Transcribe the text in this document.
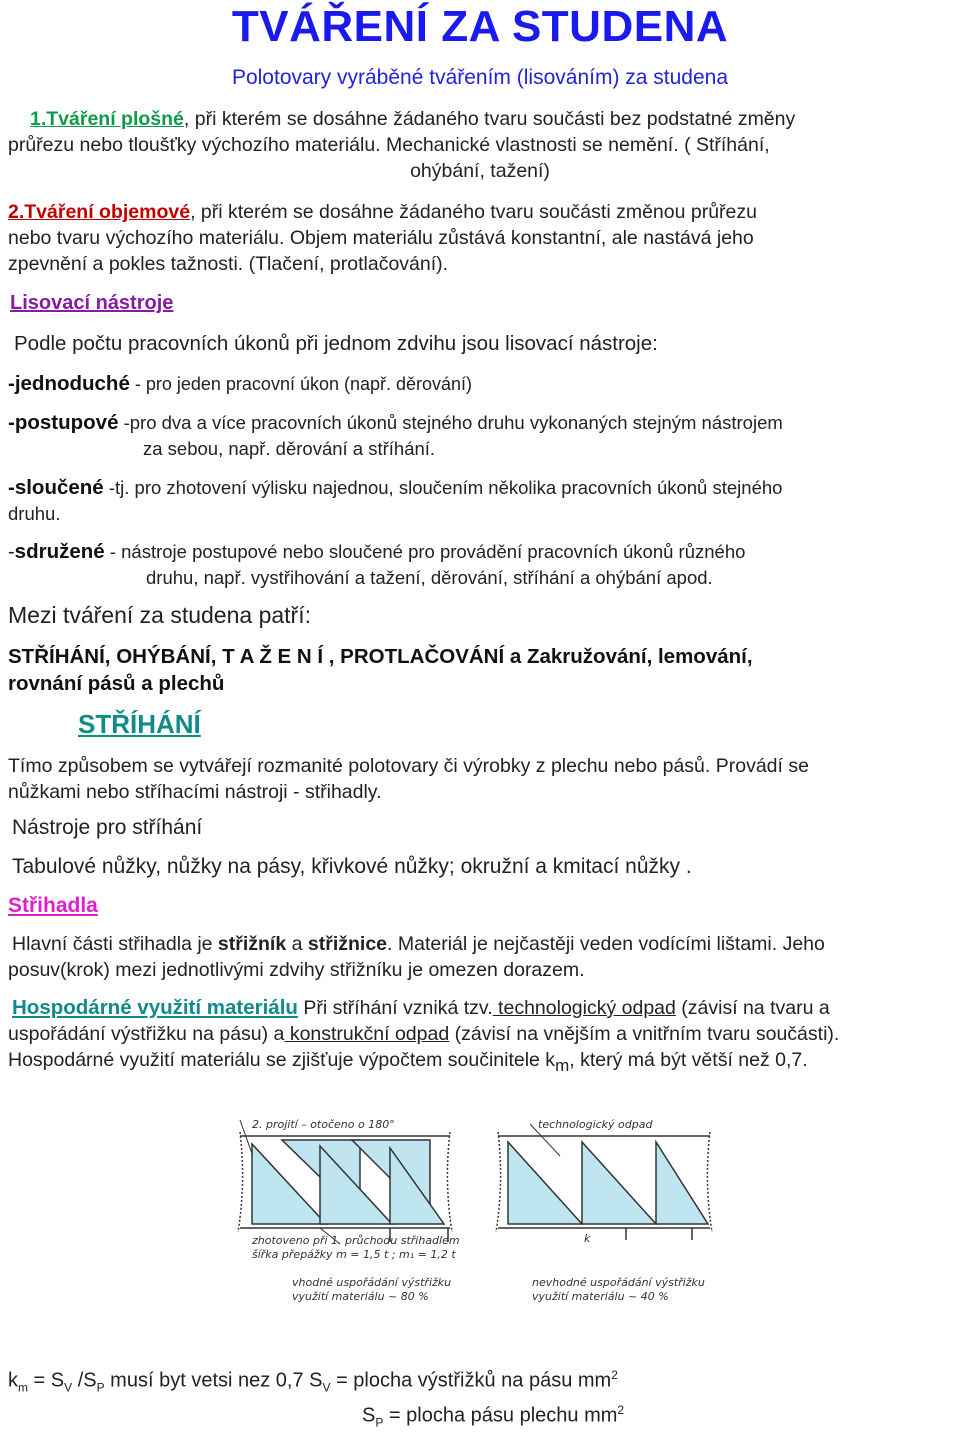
TVÁŘENÍ ZA STUDENA
Polotovary vyráběné tvářením (lisováním) za studena
1.Tváření plošné, při kterém se dosáhne žádaného tvaru součásti bez podstatné změny
průřezu nebo tloušťky výchozího materiálu. Mechanické vlastnosti se nemění. ( Stříhání,
ohýbání, tažení)
2.Tváření objemové, při kterém se dosáhne žádaného tvaru součásti změnou průřezu
nebo tvaru výchozího materiálu. Objem materiálu zůstává konstantní, ale nastává jeho
zpevnění a pokles tažnosti. (Tlačení, protlačování).
Lisovací nástroje
Podle počtu pracovních úkonů při jednom zdvihu jsou lisovací nástroje:
-jednoduché - pro jeden pracovní úkon (např. děrování)
-postupové -pro dva a více pracovních úkonů stejného druhu vykonaných stejným nástrojem
za sebou, např. děrování a stříhání.
-sloučené -tj. pro zhotovení výlisku najednou, sloučením několika pracovních úkonů stejného
druhu.
-sdružené - nástroje postupové nebo sloučené pro provádění pracovních úkonů různého
druhu, např. vystřihování a tažení, děrování, stříhání a ohýbání apod.
Mezi tváření za studena patří:
STŘÍHÁNÍ, OHÝBÁNÍ, T A Ž E N Í , PROTLAČOVÁNÍ a Zakružování, lemování,
rovnání pásů a plechů
STŘÍHÁNÍ
Tímo způsobem se vytvářejí rozmanité polotovary či výrobky z plechu nebo pásů. Provádí se
nůžkami nebo stříhacími nástroji - střihadly.
Nástroje pro stříhání
Tabulové nůžky, nůžky na pásy, křivkové nůžky; okružní a kmitací nůžky .
Střihadla
Hlavní části střihadla je střižník a střižnice. Materiál je nejčastěji veden vodícími lištami. Jeho
posuv(krok) mezi jednotlivými zdvihy střižníku je omezen dorazem.
Hospodárné využití materiálu Při stříhání vzniká tzv. technologický odpad (závisí na tvaru a
uspořádání výstřižku na pásu) a konstrukční odpad (závisí na vnějším a vnitřním tvaru součásti).
Hospodárné využití materiálu se zjišťuje výpočtem součinitele $k_m$, který má být větší než 0,7.
2. projití – otočeno o 180°	technologický odpad
zhotoveno při 1. průchodu střihadlem
šířka přepážky m = 1,5 t ; m₁ = 1,2 t
k
vhodné uspořádání výstřižku
využití materiálu ~ 80 %
nevhodné uspořádání výstřižku
využití materiálu ~ 40 %
$k_m = S_V$ $/S_P$ musí byt vetsi nez 0,7 $S_V$ = plocha výstřižků na pásu $mm^2$
$S_P$ = plocha pásu plechu $mm^2$
